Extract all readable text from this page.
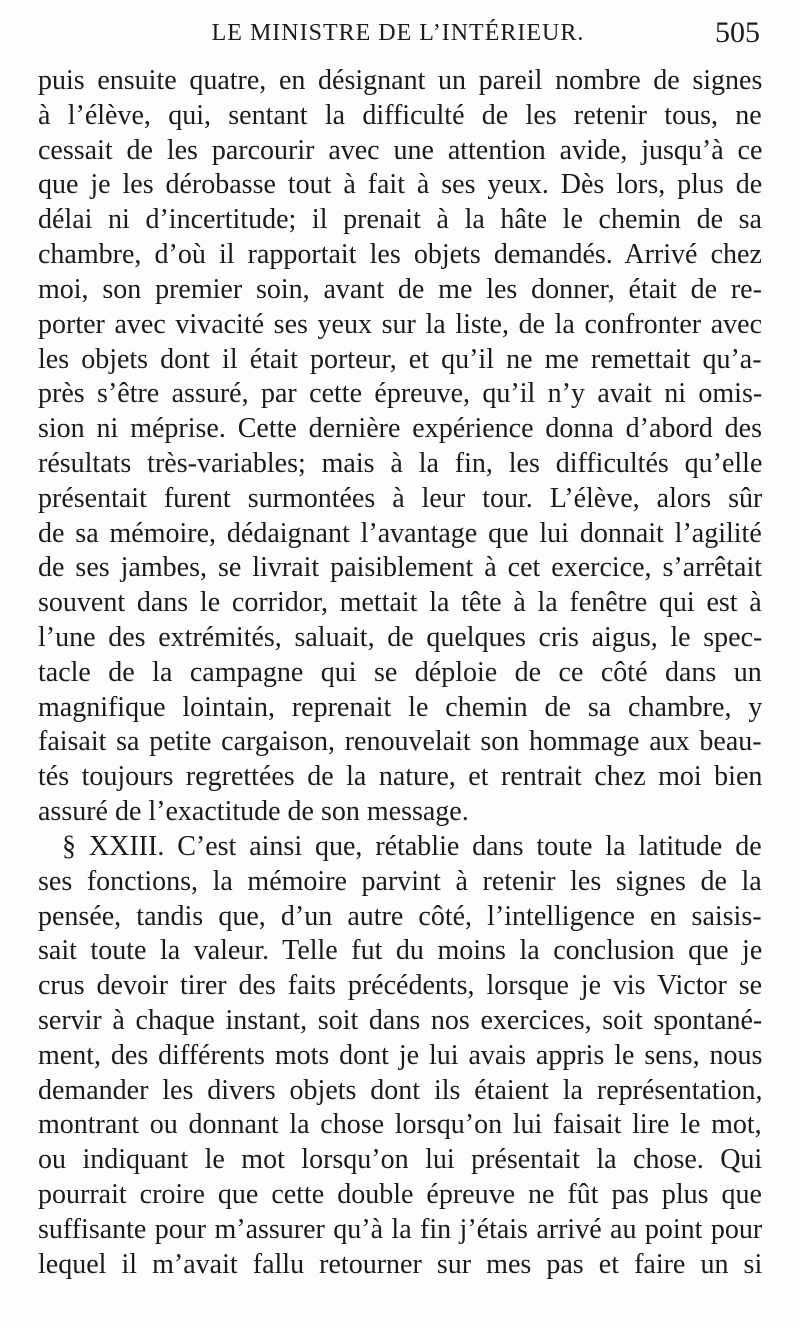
LE MINISTRE DE L’INTÉRIEUR.	505
puis ensuite quatre, en désignant un pareil nombre de signes
à l’élève, qui, sentant la difficulté de les retenir tous, ne
cessait de les parcourir avec une attention avide, jusqu’à ce
que je les dérobasse tout à fait à ses yeux. Dès lors, plus de
délai ni d’incertitude; il prenait à la hâte le chemin de sa
chambre, d’où il rapportait les objets demandés. Arrivé chez
moi, son premier soin, avant de me les donner, était de re-
porter avec vivacité ses yeux sur la liste, de la confronter avec
les objets dont il était porteur, et qu’il ne me remettait qu’a-
près s’être assuré, par cette épreuve, qu’il n’y avait ni omis-
sion ni méprise. Cette dernière expérience donna d’abord des
résultats très-variables; mais à la fin, les difficultés qu’elle
présentait furent surmontées à leur tour. L’élève, alors sûr
de sa mémoire, dédaignant l’avantage que lui donnait l’agilité
de ses jambes, se livrait paisiblement à cet exercice, s’arrêtait
souvent dans le corridor, mettait la tête à la fenêtre qui est à
l’une des extrémités, saluait, de quelques cris aigus, le spec-
tacle de la campagne qui se déploie de ce côté dans un
magnifique lointain, reprenait le chemin de sa chambre, y
faisait sa petite cargaison, renouvelait son hommage aux beau-
tés toujours regrettées de la nature, et rentrait chez moi bien
assuré de l’exactitude de son message.
§ XXIII. C’est ainsi que, rétablie dans toute la latitude de
ses fonctions, la mémoire parvint à retenir les signes de la
pensée, tandis que, d’un autre côté, l’intelligence en saisis-
sait toute la valeur. Telle fut du moins la conclusion que je
crus devoir tirer des faits précédents, lorsque je vis Victor se
servir à chaque instant, soit dans nos exercices, soit spontané-
ment, des différents mots dont je lui avais appris le sens, nous
demander les divers objets dont ils étaient la représentation,
montrant ou donnant la chose lorsqu’on lui faisait lire le mot,
ou indiquant le mot lorsqu’on lui présentait la chose. Qui
pourrait croire que cette double épreuve ne fût pas plus que
suffisante pour m’assurer qu’à la fin j’étais arrivé au point pour
lequel il m’avait fallu retourner sur mes pas et faire un si
